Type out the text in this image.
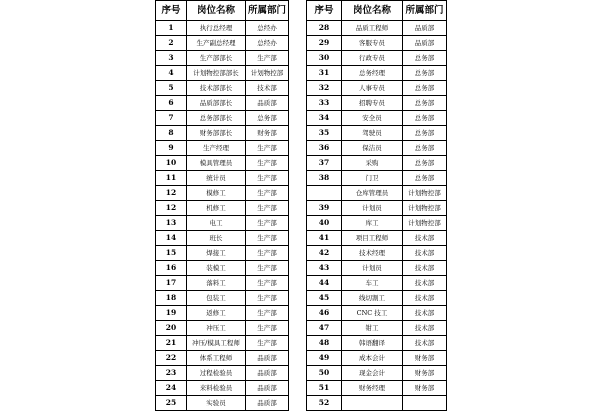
序号	岗位名称	所属部门
1	执行总经理	总经办
2	生产副总经理	总经办
3	生产部部长	生产部
4	计划物控部部长	计划物控部
5	技术部部长	技术部
6	品质部部长	品质部
7	总务部部长	总务部
8	财务部部长	财务部
9	生产经理	生产部
10	模具管理员	生产部
11	统计员	生产部
12	模修工	生产部
12	机修工	生产部
13	电工	生产部
14	班长	生产部
15	焊接工	生产部
16	装模工	生产部
17	落料工	生产部
18	包装工	生产部
19	返修工	生产部
20	冲压工	生产部
21	冲压/模具工程师	生产部
22	体系工程师	品质部
23	过程检验员	品质部
24	来料检验员	品质部
25	实验员	品质部
序号	岗位名称	所属部门
28	品质工程师	品质部
29	客服专员	品质部
30	行政专员	总务部
31	总务经理	总务部
32	人事专员	总务部
33	招聘专员	总务部
34	安全员	总务部
35	驾驶员	总务部
36	保洁员	总务部
37	采购	总务部
38	门卫	总务部
	仓库管理员	计划物控部
39	计划员	计划物控部
40	库工	计划物控部
41	项目工程师	技术部
42	技术经理	技术部
43	计划员	技术部
44	车工	技术部
45	线切割工	技术部
46	CNC 技工	技术部
47	钳工	技术部
48	韩语翻译	技术部
49	成本会计	财务部
50	现金会计	财务部
51	财务经理	财务部
52		
